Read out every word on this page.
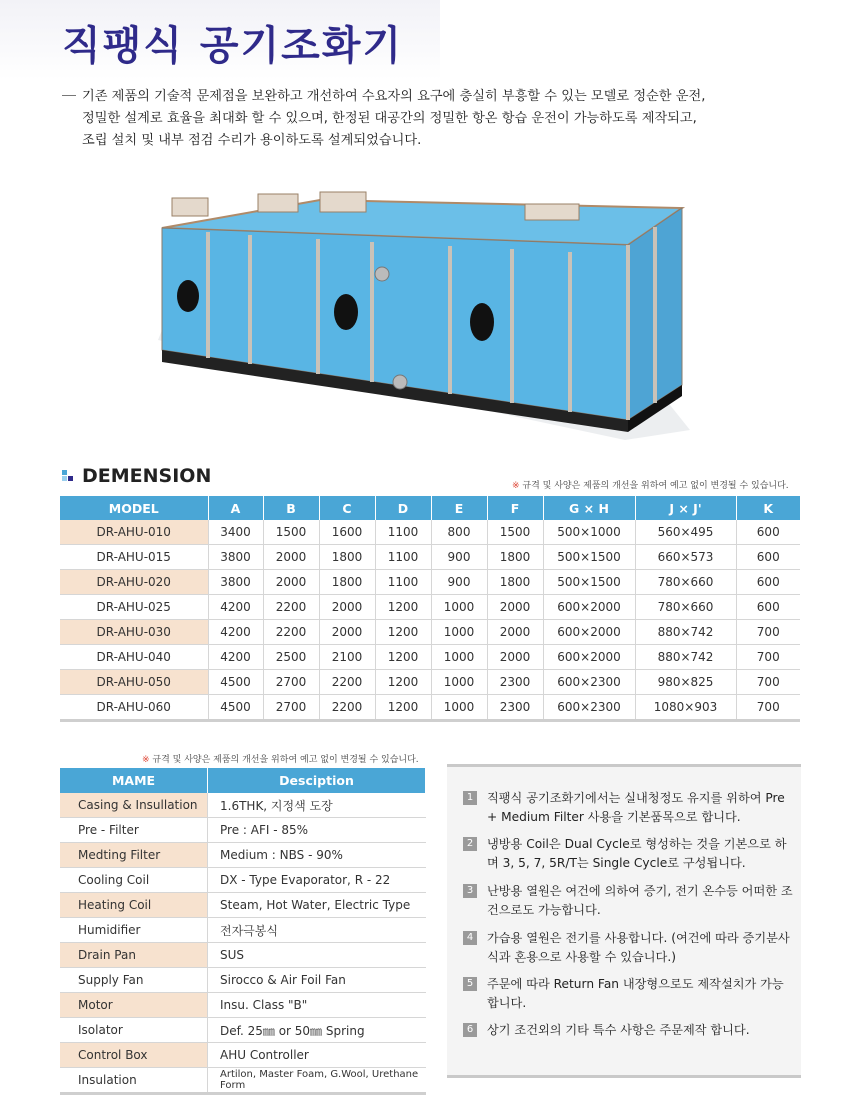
직팽식 공기조화기

기존 제품의 기술적 문제점을 보완하고 개선하여 수요자의 요구에 충실히 부흥할 수 있는 모델로 정순한 운전,

정밀한 설계로 효율을 최대화 할 수 있으며, 한정된 대공간의 정밀한 항온 항습 운전이 가능하도록 제작되고,

조립 설치 및 내부 점검 수리가 용이하도록 설계되었습니다.

DEMENSION	※ 규격 및 사양은 제품의 개선을 위하여 예고 없이 변경될 수 있습니다.
MODEL	A	B	C	D	E	F	G × H	J × J'	K
DR-AHU-010	3400	1500	1600	1100	800	1500	500×1000	560×495	600
DR-AHU-015	3800	2000	1800	1100	900	1800	500×1500	660×573	600
DR-AHU-020	3800	2000	1800	1100	900	1800	500×1500	780×660	600
DR-AHU-025	4200	2200	2000	1200	1000	2000	600×2000	780×660	600
DR-AHU-030	4200	2200	2000	1200	1000	2000	600×2000	880×742	700
DR-AHU-040	4200	2500	2100	1200	1000	2000	600×2000	880×742	700
DR-AHU-050	4500	2700	2200	1200	1000	2300	600×2300	980×825	700
DR-AHU-060	4500	2700	2200	1200	1000	2300	600×2300	1080×903	700
※ 규격 및 사양은 제품의 개선을 위하여 예고 없이 변경될 수 있습니다.
MAME	Desciption
Casing & Insullation	1.6THK, 지정색 도장
Pre - Filter	Pre : AFI - 85%
Medting Filter	Medium : NBS - 90%
Cooling Coil	DX - Type Evaporator, R - 22
Heating Coil	Steam, Hot Water, Electric Type
Humidifier	전자극봉식
Drain Pan	SUS
Supply Fan	Sirocco & Air Foil Fan
Motor	Insu. Class "B"
Isolator	Def. 25㎜ or 50㎜ Spring
Control Box	AHU Controller
Insulation	Artilon, Master Foam, G.Wool, Urethane Form
1	직팽식 공기조화기에서는 실내청정도 유지를 위하여 Pre + Medium Filter 사용을 기본품목으로 합니다.
2	냉방용 Coil은 Dual Cycle로 형성하는 것을 기본으로 하며 3, 5, 7, 5R/T는 Single Cycle로 구성됩니다.
3	난방용 열원은 여건에 의하여 증기, 전기 온수등 어떠한 조건으로도 가능합니다.
4	가습용 열원은 전기를 사용합니다. (여건에 따라 증기분사식과 혼용으로 사용할 수 있습니다.)
5	주문에 따라 Return Fan 내장형으로도 제작설치가 가능 합니다.
6	상기 조건외의 기타 특수 사항은 주문제작 합니다.
